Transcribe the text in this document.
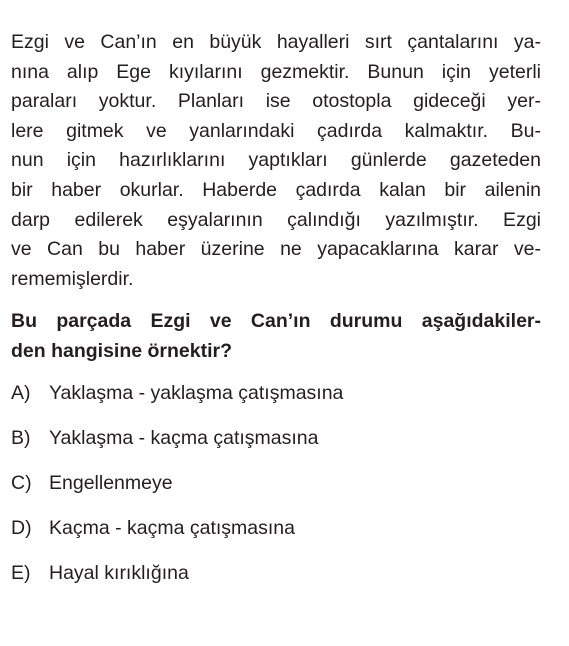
Ezgi ve Can’ın en büyük hayalleri sırt çantalarını ya-
nına alıp Ege kıyılarını gezmektir. Bunun için yeterli
paraları yoktur. Planları ise otostopla gideceği yer-
lere gitmek ve yanlarındaki çadırda kalmaktır. Bu-
nun için hazırlıklarını yaptıkları günlerde gazeteden
bir haber okurlar. Haberde çadırda kalan bir ailenin
darp edilerek eşyalarının çalındığı yazılmıştır. Ezgi
ve Can bu haber üzerine ne yapacaklarına karar ve-
rememişlerdir.
Bu parçada Ezgi ve Can’ın durumu aşağıdakiler-
den hangisine örnektir?
A) Yaklaşma - yaklaşma çatışmasına
B) Yaklaşma - kaçma çatışmasına
C) Engellenmeye
D) Kaçma - kaçma çatışmasına
E) Hayal kırıklığına
